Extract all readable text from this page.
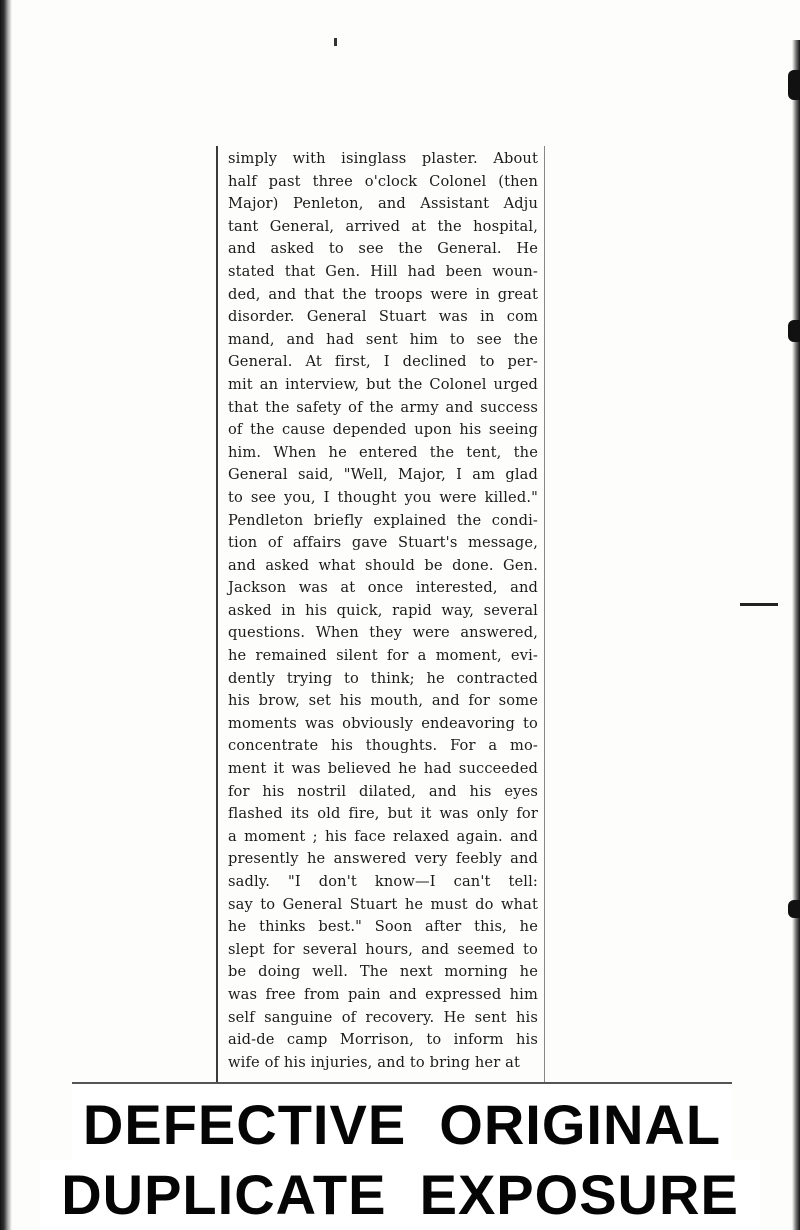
simply with isinglass plaster. About
half past three o'clock Colonel (then
Major) Penleton, and Assistant Adju
tant General, arrived at the hospital,
and asked to see the General. He
stated that Gen. Hill had been woun-
ded, and that the troops were in great
disorder. General Stuart was in com
mand, and had sent him to see the
General. At first, I declined to per-
mit an interview, but the Colonel urged
that the safety of the army and success
of the cause depended upon his seeing
him. When he entered the tent, the
General said, "Well, Major, I am glad
to see you, I thought you were killed."
Pendleton briefly explained the condi-
tion of affairs gave Stuart's message,
and asked what should be done. Gen.
Jackson was at once interested, and
asked in his quick, rapid way, several
questions. When they were answered,
he remained silent for a moment, evi-
dently trying to think; he contracted
his brow, set his mouth, and for some
moments was obviously endeavoring to
concentrate his thoughts. For a mo-
ment it was believed he had succeeded
for his nostril dilated, and his eyes
flashed its old fire, but it was only for
a moment ; his face relaxed again. and
presently he answered very feebly and
sadly. "I don't know—I can't tell:
say to General Stuart he must do what
he thinks best." Soon after this, he
slept for several hours, and seemed to
be doing well. The next morning he
was free from pain and expressed him
self sanguine of recovery. He sent his
aid-de camp Morrison, to inform his
wife of his injuries, and to bring her at
DEFECTIVE  ORIGINAL
DUPLICATE  EXPOSURE
